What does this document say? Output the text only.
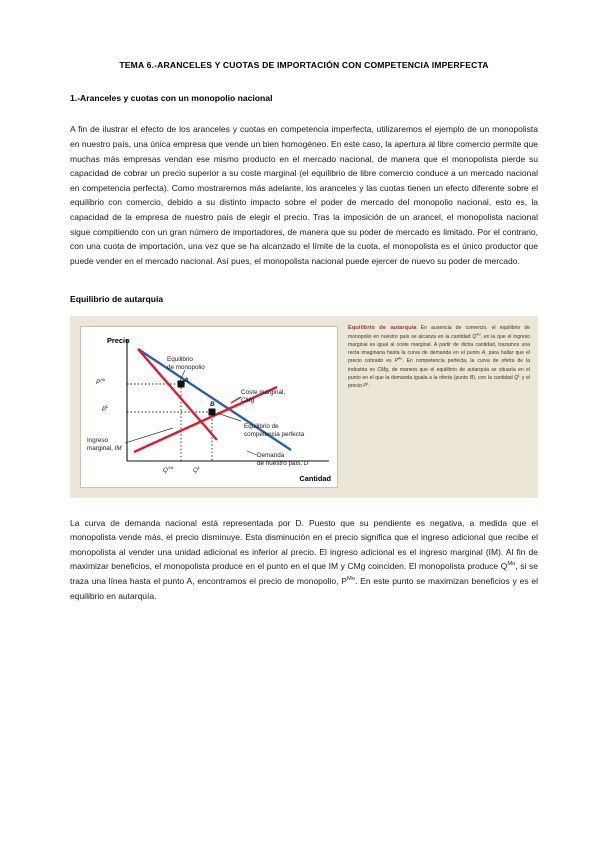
TEMA 6.-ARANCELES Y CUOTAS DE IMPORTACIÓN CON COMPETENCIA IMPERFECTA
1.-Aranceles y cuotas con un monopolio nacional

A fin de ilustrar el efecto de los aranceles y cuotas en competencia imperfecta, utilizaremos el ejemplo de un monopolista en nuestro país, una única empresa que vende un bien homogéneo. En este caso, la apertura al libre comercio permite que muchas más empresas vendan ese mismo producto en el mercado nacional, de manera que el monopolista pierde su capacidad de cobrar un precio superior a su coste marginal (el equilibrio de libre comercio conduce a un mercado nacional en competencia perfecta). Como mostraremos más adelante, los aranceles y las cuotas tienen un efecto diferente sobre el equilibrio con comercio, debido a su distinto impacto sobre el poder de mercado del monopolio nacional, esto es, la capacidad de la empresa de nuestro país de elegir el precio. Tras la imposición de un arancel, el monopolista nacional sigue compitiendo con un gran número de importadores, de manera que su poder de mercado es limitado. Por el contrario, con una cuota de importación, una vez que se ha alcanzado el límite de la cuota, el monopolista es el único productor que puede vender en el mercado nacional. Así pues, el monopolista nacional puede ejercer de nuevo su poder de mercado.

Equilibrio de autarquía
Precio
Cantidad
Equilibrio
de monopolio
Coste marginal,
CMg
Equilibrio de
competencia perfecta
Ingreso
marginal, IM
Demanda
de nuestro país, D
$P^{Au}$
$P^L$
$Q^{Au}$	$Q^L$
A
B
Equilibrio de autarquía En ausencia de comercio, el equilibrio de monopolio en nuestro país se alcanza en la cantidad $Q^{Au}$, en la que el ingreso marginal es igual al coste marginal. A partir de dicha cantidad, trazamos una recta imaginaria hasta la curva de demanda en el punto A, para hallar que el precio cobrado es $P^{Au}$. En competencia perfecta, la curva de oferta de la industria es CMg, de manera que el equilibrio de autarquía se situaría en el punto en el que la demanda iguala a la oferta (punto B), con la cantidad $Q^L$ y el precio $P^L$.

La curva de demanda nacional está representada por D. Puesto que su pendiente es negativa, a medida que el monopolista vende más, el precio disminuye. Esta disminución en el precio significa que el ingreso adicional que recibe el monopolista al vender una unidad adicional es inferior al precio. El ingreso adicional es el ingreso marginal (IM). Al fin de maximizar beneficios, el monopolista produce en el punto en el que IM y CMg coinciden. El monopolista produce $Q^{Mo}$, si se traza una línea hasta el punto A, encontramos el precio de monopolio, $P^{Mo}$. En este punto se maximizan beneficios y es el equilibrio en autarquía.
